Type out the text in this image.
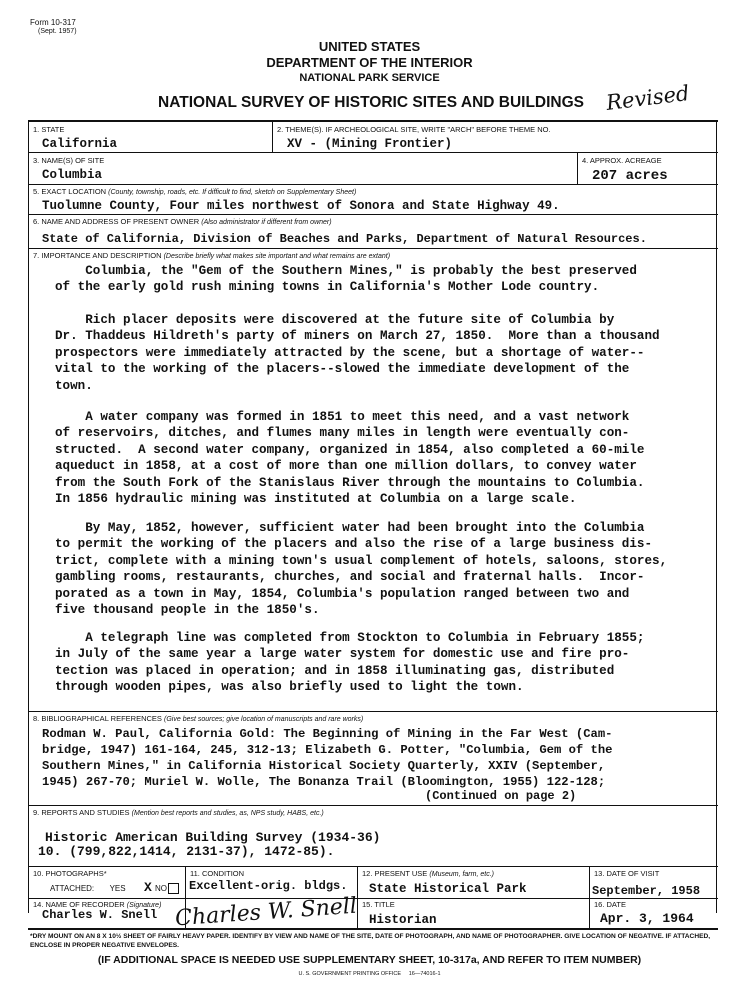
Form 10-317
(Sept. 1957)
UNITED STATES
DEPARTMENT OF THE INTERIOR
NATIONAL PARK SERVICE
NATIONAL SURVEY OF HISTORIC SITES AND BUILDINGS Revised
1. STATE
California
2. THEME(S). IF ARCHEOLOGICAL SITE, WRITE "ARCH" BEFORE THEME NO.
XV - (Mining Frontier)
3. NAME(S) OF SITE
Columbia
4. APPROX. ACREAGE
207 acres
5. EXACT LOCATION (County, township, roads, etc. If difficult to find, sketch on Supplementary Sheet)
Tuolumne County, Four miles northwest of Sonora and State Highway 49.
6. NAME AND ADDRESS OF PRESENT OWNER (Also administrator if different from owner)
State of California, Division of Beaches and Parks, Department of Natural Resources.
7. IMPORTANCE AND DESCRIPTION (Describe briefly what makes site important and what remains are extant)
Columbia, the "Gem of the Southern Mines," is probably the best preserved
of the early gold rush mining towns in California's Mother Lode country.
Rich placer deposits were discovered at the future site of Columbia by
Dr. Thaddeus Hildreth's party of miners on March 27, 1850.  More than a thousand
prospectors were immediately attracted by the scene, but a shortage of water--
vital to the working of the placers--slowed the immediate development of the
town.
A water company was formed in 1851 to meet this need, and a vast network
of reservoirs, ditches, and flumes many miles in length were eventually con-
structed.  A second water company, organized in 1854, also completed a 60-mile
aqueduct in 1858, at a cost of more than one million dollars, to convey water
from the South Fork of the Stanislaus River through the mountains to Columbia.
In 1856 hydraulic mining was instituted at Columbia on a large scale.
By May, 1852, however, sufficient water had been brought into the Columbia
to permit the working of the placers and also the rise of a large business dis-
trict, complete with a mining town's usual complement of hotels, saloons, stores,
gambling rooms, restaurants, churches, and social and fraternal halls.  Incor-
porated as a town in May, 1854, Columbia's population ranged between two and
five thousand people in the 1850's.
A telegraph line was completed from Stockton to Columbia in February 1855;
in July of the same year a large water system for domestic use and fire pro-
tection was placed in operation; and in 1858 illuminating gas, distributed
through wooden pipes, was also briefly used to light the town.
8. BIBLIOGRAPHICAL REFERENCES (Give best sources; give location of manuscripts and rare works)
Rodman W. Paul, California Gold: The Beginning of Mining in the Far West (Cam-
bridge, 1947) 161-164, 245, 312-13; Elizabeth G. Potter, "Columbia, Gem of the
Southern Mines," in California Historical Society Quarterly, XXIV (September,
1945) 267-70; Muriel W. Wolle, The Bonanza Trail (Bloomington, 1955) 122-128;
(Continued on page 2)
9. REPORTS AND STUDIES (Mention best reports and studies, as, NPS study, HABS, etc.)
Historic American Building Survey (1934-36)
10. (799,822,1414, 2131-37), 1472-85).
10. PHOTOGRAPHS*
ATTACHED: YES X NO
11. CONDITION
Excellent-orig. bldgs.
12. PRESENT USE (Museum, farm, etc.)
State Historical Park
13. DATE OF VISIT
September, 1958
14. NAME OF RECORDER (Signature)
Charles W. Snell Charles W. Snell 15. TITLE
Historian
16. DATE
Apr. 3, 1964
*DRY MOUNT ON AN 8 X 10½ SHEET OF FAIRLY HEAVY PAPER. IDENTIFY BY VIEW AND NAME OF THE SITE, DATE OF PHOTOGRAPH, AND NAME OF PHOTOGRAPHER. GIVE LOCATION OF NEGATIVE. IF ATTACHED, ENCLOSE IN PROPER NEGATIVE ENVELOPES.
(IF ADDITIONAL SPACE IS NEEDED USE SUPPLEMENTARY SHEET, 10-317a, AND REFER TO ITEM NUMBER)
U. S. GOVERNMENT PRINTING OFFICE     16—74016-1
